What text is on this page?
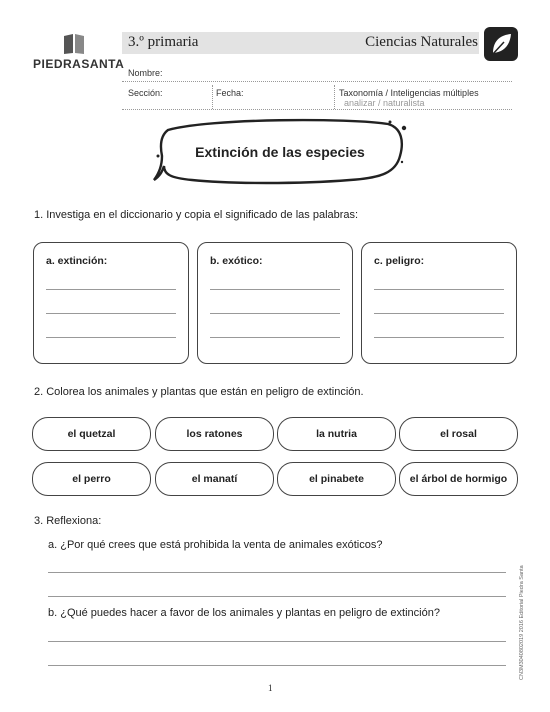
PIEDRASANTA
3.º primaria	Ciencias Naturales
Nombre:
Sección:	Fecha:	Taxonomía / Inteligencias múltiples
analizar / naturalista
Extinción de las especies
1. Investiga en el diccionario y copia el significado de las palabras:
a. extinción:	b. exótico:	c. peligro:
2. Colorea los animales y plantas que están en peligro de extinción.
el quetzal	los ratones	la nutria	el rosal
el perro	el manatí	el pinabete	el árbol de hormigo
3. Reflexiona:
a. ¿Por qué crees que está prohibida la venta de animales exóticos?
b. ¿Qué puedes hacer a favor de los animales y plantas en peligro de extinción?	CN3M3040802019 2016 Editorial Piedra Santa
1
